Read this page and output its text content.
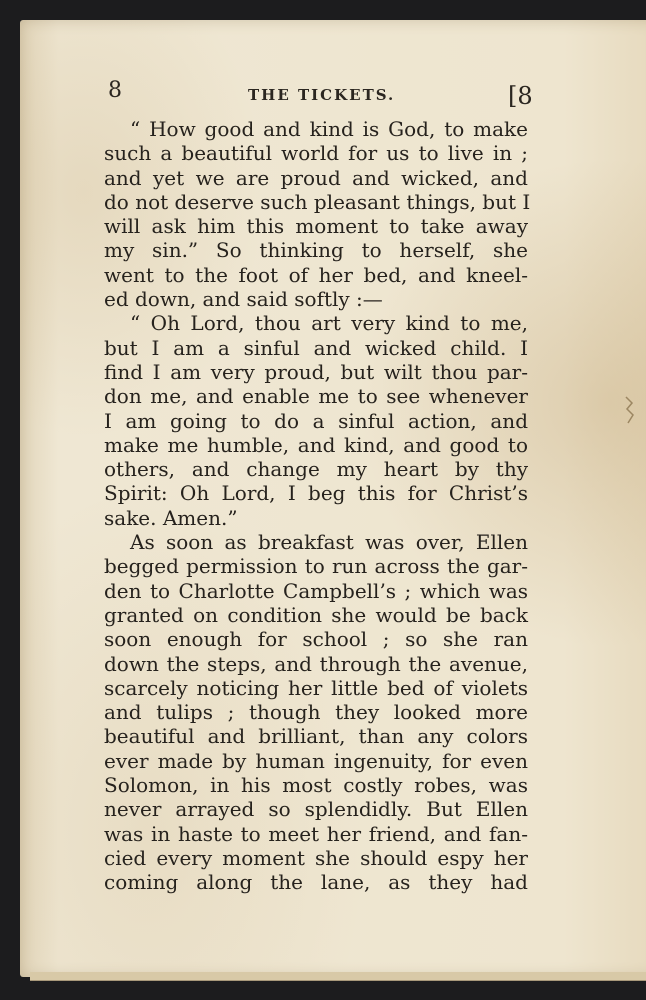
8	THE TICKETS.	[8
“ How good and kind is God, to make
such a beautiful world for us to live in ;
and yet we are proud and wicked, and
do not deserve such pleasant things, but I
will ask him this moment to take away
my sin.” So thinking to herself, she
went to the foot of her bed, and kneel-
ed down, and said softly :—
“ Oh Lord, thou art very kind to me,
but I am a sinful and wicked child. I
find I am very proud, but wilt thou par-
don me, and enable me to see whenever
I am going to do a sinful action, and
make me humble, and kind, and good to
others, and change my heart by thy
Spirit: Oh Lord, I beg this for Christ’s
sake. Amen.”
As soon as breakfast was over, Ellen
begged permission to run across the gar-
den to Charlotte Campbell’s ; which was
granted on condition she would be back
soon enough for school ; so she ran
down the steps, and through the avenue,
scarcely noticing her little bed of violets
and tulips ; though they looked more
beautiful and brilliant, than any colors
ever made by human ingenuity, for even
Solomon, in his most costly robes, was
never arrayed so splendidly. But Ellen
was in haste to meet her friend, and fan-
cied every moment she should espy her
coming along the lane, as they had
